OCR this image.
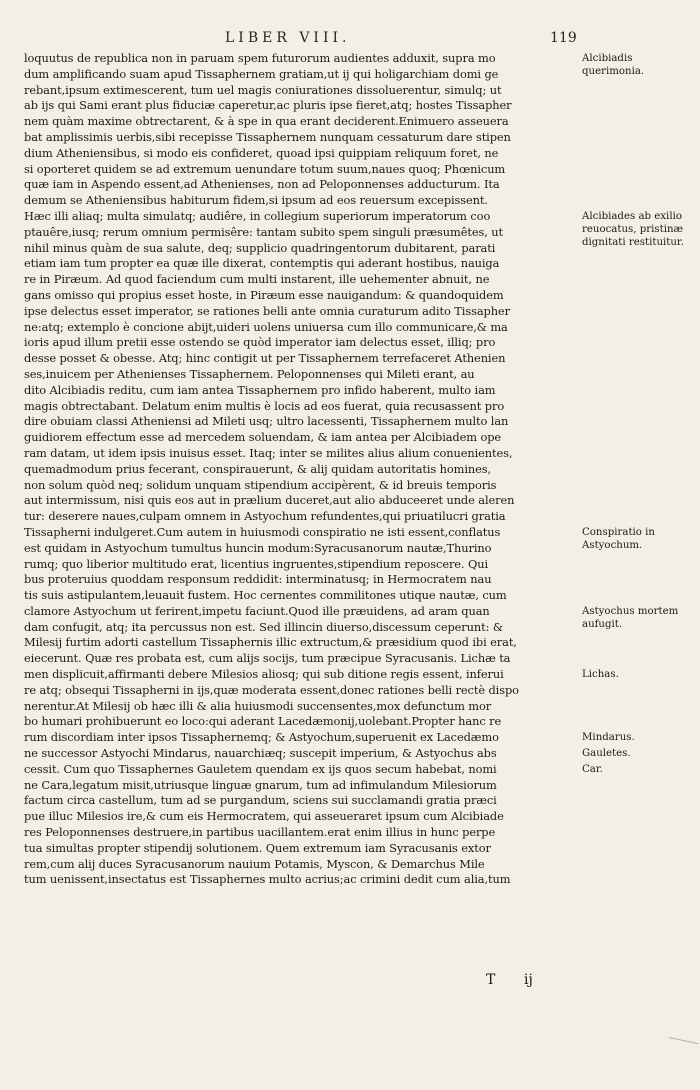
LIBER VIII.	119
loquutus de republica non in paruam spem futurorum audientes adduxit, supra mo
dum amplificando suam apud Tissaphernem gratiam,ut ij qui holigarchiam domi ge
rebant,ipsum extimescerent, tum uel magis coniurationes dissoluerentur, simulq; ut
ab ijs qui Sami erant plus fiduciæ caperetur,ac pluris ipse fieret,atq; hostes Tissapher
nem quàm maxime obtrectarent, & à spe in qua erant deciderent.Enimuero asseuera
bat amplissimis uerbis,sibi recepisse Tissaphernem nunquam cessaturum dare stipen
dium Atheniensibus, si modo eis confideret, quoad ipsi quippiam reliquum foret, ne
si oporteret quidem se ad extremum uenundare totum suum,naues quoq; Phœnicum
quæ iam in Aspendo essent,ad Athenienses, non ad Peloponnenses adducturum. Ita
demum se Atheniensibus habiturum fidem,si ipsum ad eos reuersum excepissent.
Hæc illi aliaq; multa simulatq; audiêre, in collegium superiorum imperatorum coo
ptauêre,iusq; rerum omnium permisêre: tantam subito spem singuli præsumêtes, ut
nihil minus quàm de sua salute, deq; supplicio quadringentorum dubitarent, parati
etiam iam tum propter ea quæ ille dixerat, contemptis qui aderant hostibus, nauiga
re in Piræum. Ad quod faciendum cum multi instarent, ille uehementer abnuit, ne
gans omisso qui propius esset hoste, in Piræum esse nauigandum: & quandoquidem
ipse delectus esset imperator, se rationes belli ante omnia curaturum adito Tissapher
ne:atq; extemplo è concione abijt,uideri uolens uniuersa cum illo communicare,& ma
ioris apud illum pretii esse ostendo se quòd imperator iam delectus esset, illiq; pro
desse posset & obesse. Atq; hinc contigit ut per Tissaphernem terrefaceret Athenien
ses,inuicem per Athenienses Tissaphernem. Peloponnenses qui Mileti erant, au
dito Alcibiadis reditu, cum iam antea Tissaphernem pro infido haberent, multo iam
magis obtrectabant. Delatum enim multis è locis ad eos fuerat, quia recusassent pro
dire obuiam classi Atheniensi ad Mileti usq; ultro lacessenti, Tissaphernem multo lan
guidiorem effectum esse ad mercedem soluendam, & iam antea per Alcibiadem ope
ram datam, ut idem ipsis inuisus esset. Itaq; inter se milites alius alium conuenientes,
quemadmodum prius fecerant, conspirauerunt, & alij quidam autoritatis homines,
non solum quòd neq; solidum unquam stipendium accipèrent, & id breuis temporis
aut intermissum, nisi quis eos aut in prælium duceret,aut alio abduceeret unde aleren
tur: deserere naues,culpam omnem in Astyochum refundentes,qui priuatilucri gratia
Tissapherni indulgeret.Cum autem in huiusmodi conspiratio ne isti essent,conflatus
est quidam in Astyochum tumultus huncin modum:Syracusanorum nautæ,Thurino
rumq; quo liberior multitudo erat, licentius ingruentes,stipendium reposcere. Qui
bus proteruius quoddam responsum reddidit: interminatusq; in Hermocratem nau
tis suis astipulantem,leuauit fustem. Hoc cernentes commilitones utique nautæ, cum
clamore Astyochum ut ferirent,impetu faciunt.Quod ille præuidens, ad aram quan
dam confugit, atq; ita percussus non est. Sed illincin diuerso,discessum ceperunt: &
Milesij furtim adorti castellum Tissaphernis illic extructum,& præsidium quod ibi erat,
eiecerunt. Quæ res probata est, cum alijs socijs, tum præcipue Syracusanis. Lichæ ta
men displicuit,affirmanti debere Milesios aliosq; qui sub ditione regis essent, inferui
re atq; obsequi Tissapherni in ijs,quæ moderata essent,donec rationes belli rectè dispo
nerentur.At Milesij ob hæc illi & alia huiusmodi succensentes,mox defunctum mor
bo humari prohibuerunt eo loco:qui aderant Lacedæmonij,uolebant.Propter hanc re
rum discordiam inter ipsos Tissaphernemq; & Astyochum,superuenit ex Lacedæmo
ne successor Astyochi Mindarus, nauarchiæq; suscepit imperium, & Astyochus abs
cessit. Cum quo Tissaphernes Gauletem quendam ex ijs quos secum habebat, nomi
ne Cara,legatum misit,utriusque linguæ gnarum, tum ad infimulandum Milesiorum
factum circa castellum, tum ad se purgandum, sciens sui succlamandi gratia præci
pue illuc Milesios ire,& cum eis Hermocratem, qui asseueraret ipsum cum Alcibiade
res Peloponnenses destruere,in partibus uacillantem.erat enim illius in hunc perpe
tua simultas propter stipendij solutionem. Quem extremum iam Syracusanis extor
rem,cum alij duces Syracusanorum nauium Potamis, Myscon, & Demarchus Mile
tum uenissent,insectatus est Tissaphernes multo acrius;ac crimini dedit cum alia,tum
Alcibiadis querimonia.
Alcibiades ab exilio reuocatus, pristinæ dignitati restituitur.
Conspiratio in Astyochum.
Astyochus mortem aufugit.
Lichas.
Mindarus.
Gauletes.
Car.
T ij
